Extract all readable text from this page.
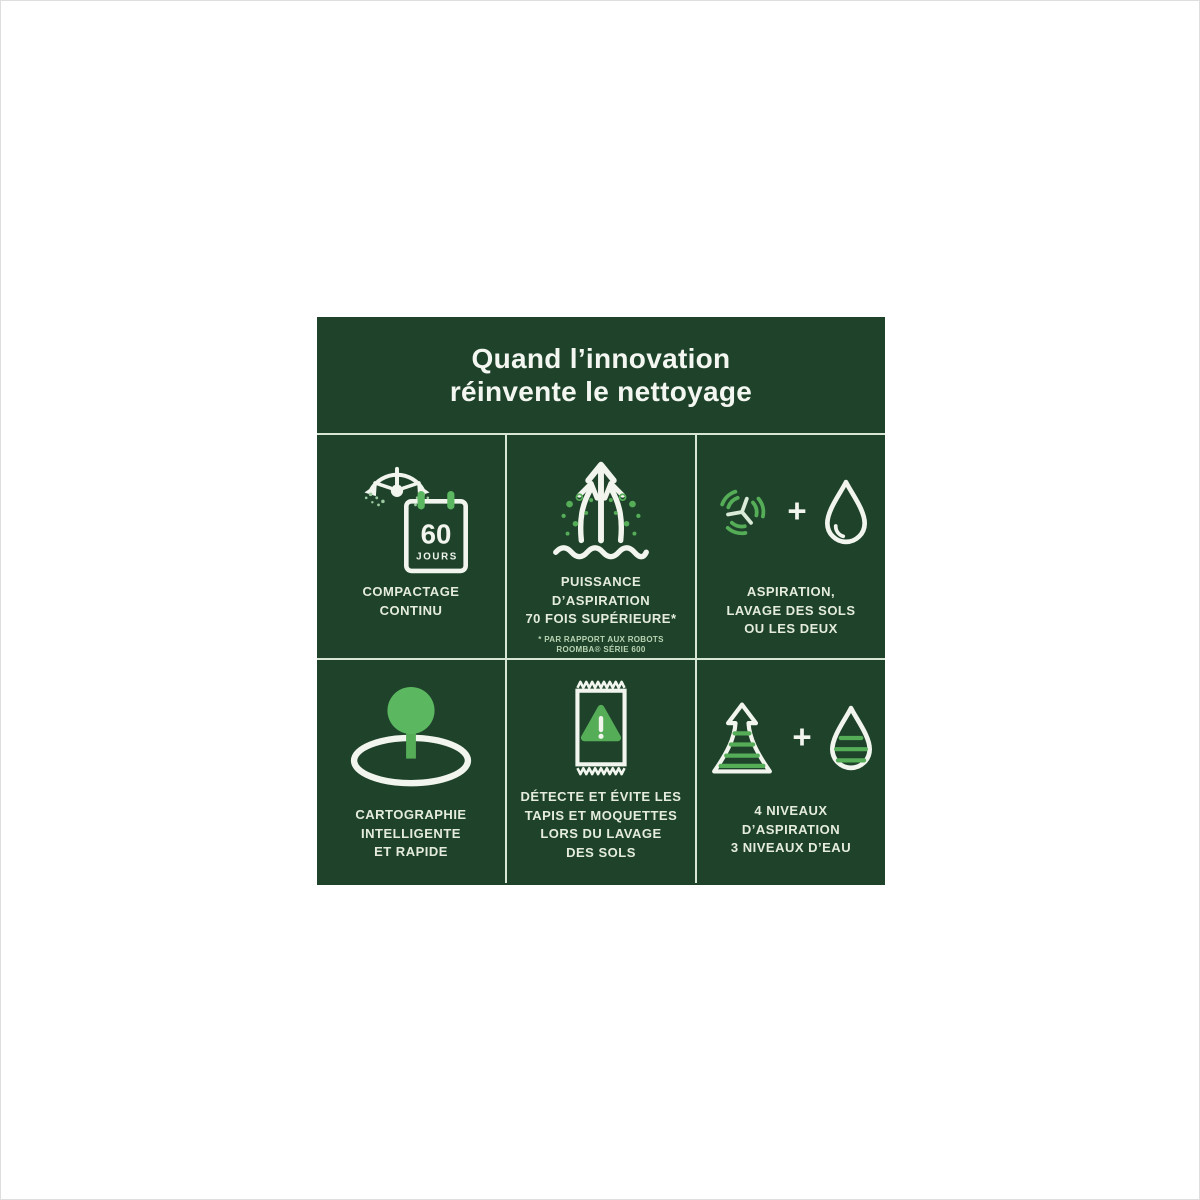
Quand l’innovation
réinvente le nettoyage
60
JOURS
COMPACTAGE
CONTINU
PUISSANCE
D’ASPIRATION
70 FOIS SUPÉRIEURE*
* PAR RAPPORT AUX ROBOTS
ROOMBA® SÉRIE 600
+
ASPIRATION,
LAVAGE DES SOLS
OU LES DEUX
CARTOGRAPHIE
INTELLIGENTE
ET RAPIDE
DÉTECTE ET ÉVITE LES
TAPIS ET MOQUETTES
LORS DU LAVAGE
DES SOLS
+
4 NIVEAUX
D’ASPIRATION
3 NIVEAUX D’EAU
